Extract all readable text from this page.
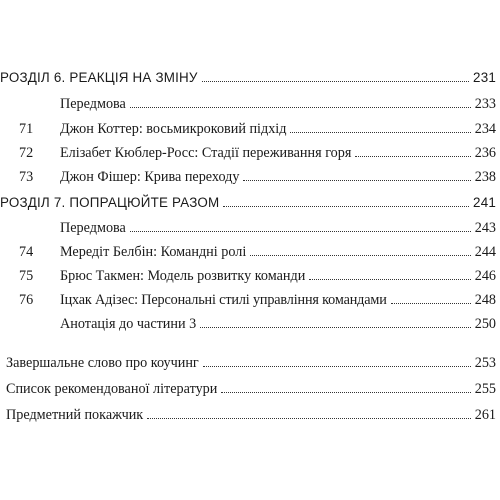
РОЗДІЛ 6. РЕАКЦІЯ НА ЗМІНУ	231
Передмова	233
71	Джон Коттер: восьмикроковий підхід	234
72	Елізабет Кюблер-Росс: Стадії переживання горя	236
73	Джон Фішер: Крива переходу	238
РОЗДІЛ 7. ПОПРАЦЮЙТЕ РАЗОМ	241
Передмова	243
74	Мередіт Белбін: Командні ролі	244
75	Брюс Такмен: Модель розвитку команди	246
76	Іцхак Адізес: Персональні стилі управління командами	248
Анотація до частини 3	250
Завершальне слово про коучинг	253
Список рекомендованої літератури	255
Предметний покажчик	261
